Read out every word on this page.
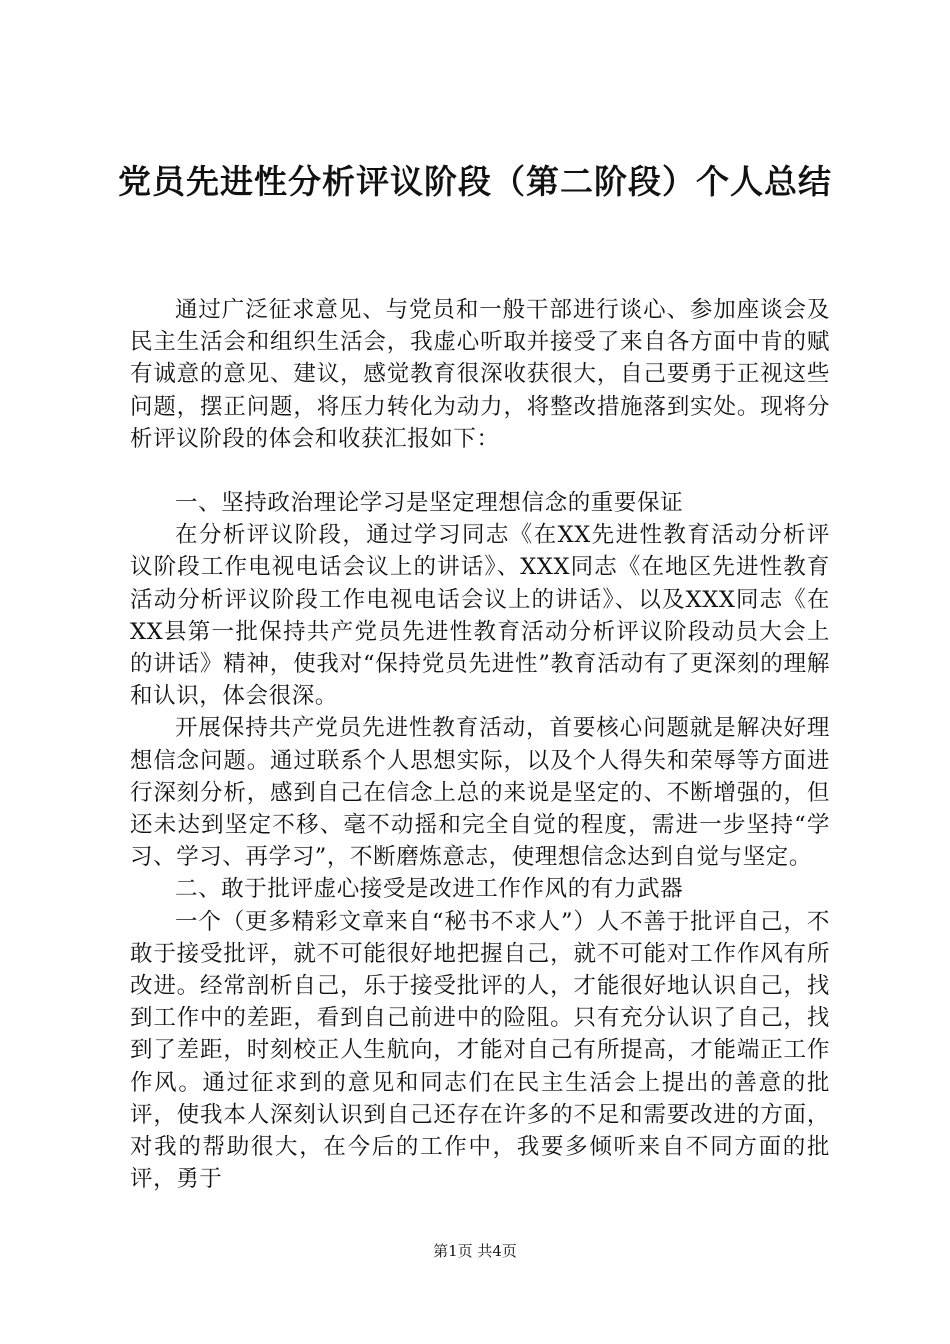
党员先进性分析评议阶段（第二阶段）个人总结

通过广泛征求意见、与党员和一般干部进行谈心、参加座谈会及民主生活会和组织生活会，我虚心听取并接受了来自各方面中肯的赋有诚意的意见、建议，感觉教育很深收获很大，自己要勇于正视这些问题，摆正问题，将压力转化为动力，将整改措施落到实处。现将分析评议阶段的体会和收获汇报如下：

一、坚持政治理论学习是坚定理想信念的重要保证

在分析评议阶段，通过学习同志《在XX先进性教育活动分析评议阶段工作电视电话会议上的讲话》、XXX同志《在地区先进性教育活动分析评议阶段工作电视电话会议上的讲话》、以及XXX同志《在XX县第一批保持共产党员先进性教育活动分析评议阶段动员大会上的讲话》精神，使我对“保持党员先进性”教育活动有了更深刻的理解和认识，体会很深。

开展保持共产党员先进性教育活动，首要核心问题就是解决好理想信念问题。通过联系个人思想实际，以及个人得失和荣辱等方面进行深刻分析，感到自己在信念上总的来说是坚定的、不断增强的，但还未达到坚定不移、毫不动摇和完全自觉的程度，需进一步坚持“学习、学习、再学习”，不断磨炼意志，使理想信念达到自觉与坚定。

二、敢于批评虚心接受是改进工作作风的有力武器

一个（更多精彩文章来自“秘书不求人”）人不善于批评自己，不敢于接受批评，就不可能很好地把握自己，就不可能对工作作风有所改进。经常剖析自己，乐于接受批评的人，才能很好地认识自己，找到工作中的差距，看到自己前进中的险阻。只有充分认识了自己，找到了差距，时刻校正人生航向，才能对自己有所提高，才能端正工作作风。通过征求到的意见和同志们在民主生活会上提出的善意的批评，使我本人深刻认识到自己还存在许多的不足和需要改进的方面，对我的帮助很大，在今后的工作中，我要多倾听来自不同方面的批评，勇于

第1页 共4页
